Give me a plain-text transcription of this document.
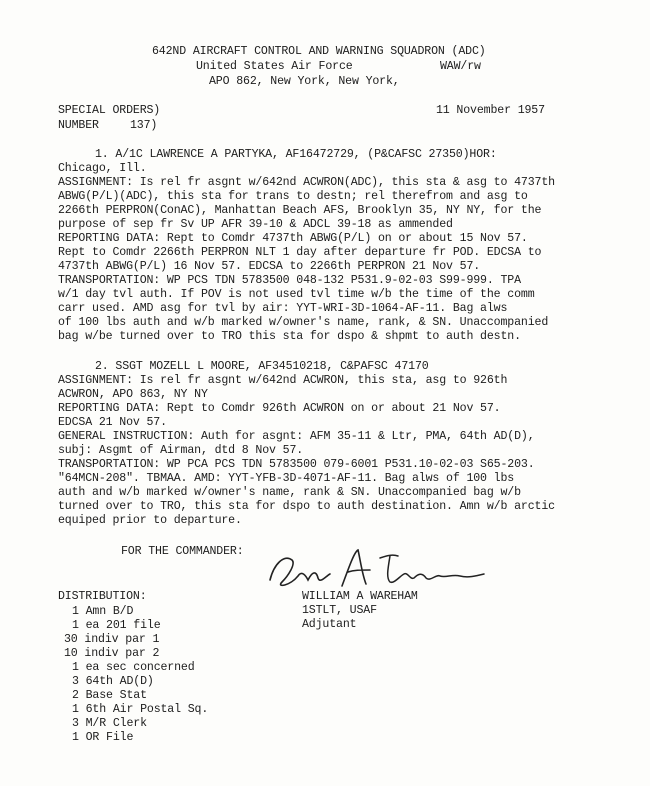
642ND AIRCRAFT CONTROL AND WARNING SQUADRON (ADC)
United States Air Force	WAW/rw
APO 862, New York, New York,
SPECIAL ORDERS)
NUMBER	137)
11 November 1957
1. A/1C LAWRENCE A PARTYKA, AF16472729, (P&CAFSC 27350)HOR:
Chicago, Ill.
ASSIGNMENT: Is rel fr asgnt w/642nd ACWRON(ADC), this sta & asg to 4737th
ABWG(P/L)(ADC), this sta for trans to destn; rel therefrom and asg to
2266th PERPRON(ConAC), Manhattan Beach AFS, Brooklyn 35, NY NY, for the
purpose of sep fr Sv UP AFR 39-10 & ADCL 39-18 as ammended
REPORTING DATA: Rept to Comdr 4737th ABWG(P/L) on or about 15 Nov 57.
Rept to Comdr 2266th PERPRON NLT 1 day after departure fr POD. EDCSA to
4737th ABWG(P/L) 16 Nov 57. EDCSA to 2266th PERPRON 21 Nov 57.
TRANSPORTATION: WP PCS TDN 5783500 048-132 P531.9-02-03 S99-999. TPA
w/1 day tvl auth. If POV is not used tvl time w/b the time of the comm
carr used. AMD asg for tvl by air: YYT-WRI-3D-1064-AF-11. Bag alws
of 100 lbs auth and w/b marked w/owner's name, rank, & SN. Unaccompanied
bag w/be turned over to TRO this sta for dspo & shpmt to auth destn.
2. SSGT MOZELL L MOORE, AF34510218, C&PAFSC 47170
ASSIGNMENT: Is rel fr asgnt w/642nd ACWRON, this sta, asg to 926th
ACWRON, APO 863, NY NY
REPORTING DATA: Rept to Comdr 926th ACWRON on or about 21 Nov 57.
EDCSA 21 Nov 57.
GENERAL INSTRUCTION: Auth for asgnt: AFM 35-11 & Ltr, PMA, 64th AD(D),
subj: Asgmt of Airman, dtd 8 Nov 57.
TRANSPORTATION: WP PCA PCS TDN 5783500 079-6001 P531.10-02-03 S65-203.
"64MCN-208". TBMAA. AMD: YYT-YFB-3D-4071-AF-11. Bag alws of 100 lbs
auth and w/b marked w/owner's name, rank & SN. Unaccompanied bag w/b
turned over to TRO, this sta for dspo to auth destination. Amn w/b arctic
equiped prior to departure.
FOR THE COMMANDER:
WILLIAM A WAREHAM
1STLT, USAF
Adjutant
DISTRIBUTION:
1 Amn B/D
1 ea 201 file
30 indiv par 1
10 indiv par 2
1 ea sec concerned
3 64th AD(D)
2 Base Stat
1 6th Air Postal Sq.
3 M/R Clerk
1 OR File
